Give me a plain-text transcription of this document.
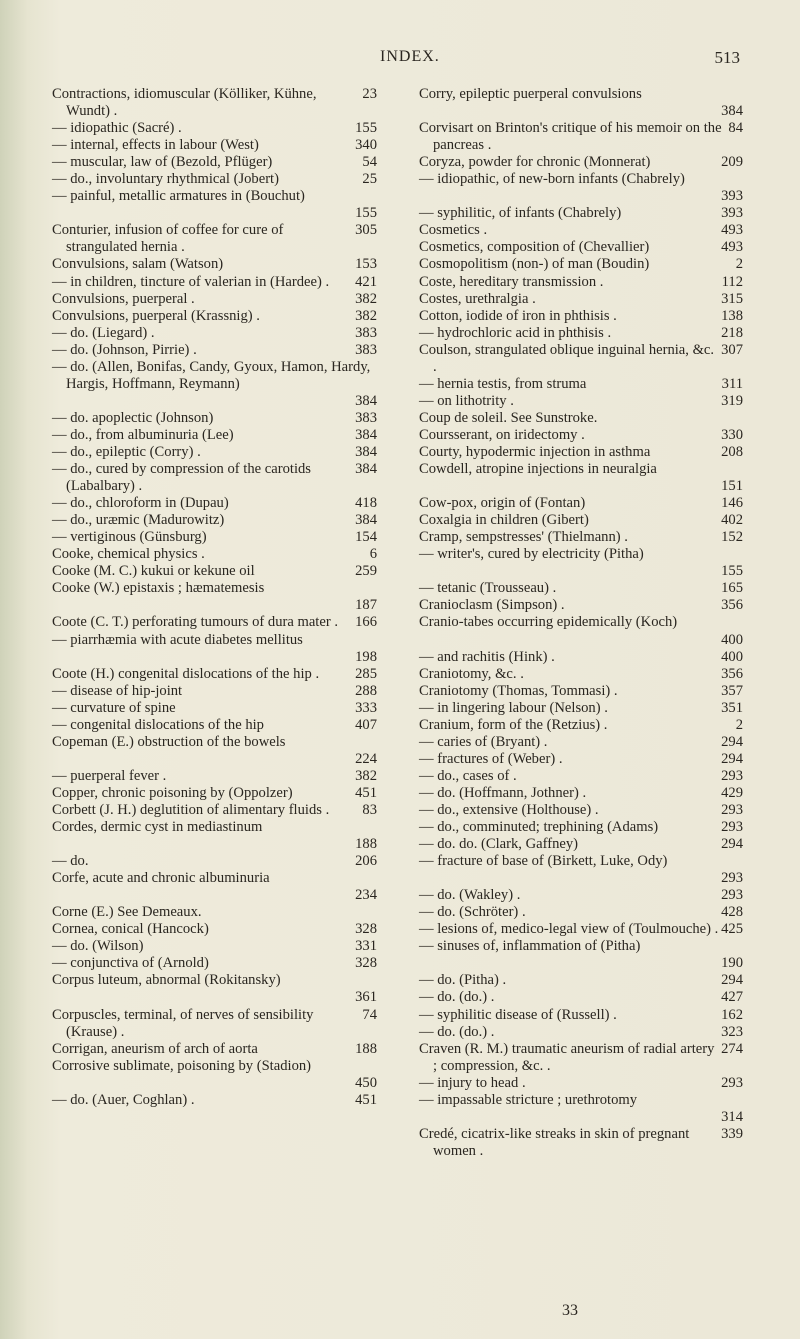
INDEX.	513

23
Contractions, idiomuscular (Kölliker, Kühne, Wundt) .

155
— idiopathic (Sacré) .

340
— internal, effects in labour (West)

54
— muscular, law of (Bezold, Pflüger)

25
— do., involuntary rhythmical (Jobert)

— painful, metallic armatures in (Bouchut)

155

305
Conturier, infusion of coffee for cure of strangulated hernia .

153
Convulsions, salam (Watson)

421
— in children, tincture of valerian in (Hardee) .

382
Convulsions, puerperal .

382
Convulsions, puerperal (Krassnig) .

383
— do. (Liegard) .

383
— do. (Johnson, Pirrie) .

— do. (Allen, Bonifas, Candy, Gyoux, Hamon, Hardy, Hargis, Hoffmann, Reymann)

384

383
— do. apoplectic (Johnson)

384
— do., from albuminuria (Lee)

384
— do., epileptic (Corry) .

384
— do., cured by compression of the carotids (Labalbary) .

418
— do., chloroform in (Dupau)

384
— do., uræmic (Madurowitz)

154
— vertiginous (Günsburg)

6
Cooke, chemical physics .

259
Cooke (M. C.) kukui or kekune oil

Cooke (W.) epistaxis ; hæmatemesis

187

166
Coote (C. T.) perforating tumours of dura mater .

— piarrhæmia with acute diabetes mellitus

198

285
Coote (H.) congenital dislocations of the hip .

288
— disease of hip-joint

333
— curvature of spine

407
— congenital dislocations of the hip

Copeman (E.) obstruction of the bowels

224

382
— puerperal fever .

451
Copper, chronic poisoning by (Oppolzer)

83
Corbett (J. H.) deglutition of alimentary fluids .

Cordes, dermic cyst in mediastinum

188

206
— do.

Corfe, acute and chronic albuminuria

234

Corne (E.) See Demeaux.

328
Cornea, conical (Hancock)

331
— do. (Wilson)

328
— conjunctiva of (Arnold)

Corpus luteum, abnormal (Rokitansky)

361

74
Corpuscles, terminal, of nerves of sensibility (Krause) .

188
Corrigan, aneurism of arch of aorta

Corrosive sublimate, poisoning by (Stadion)

450

451
— do. (Auer, Coghlan) .

Corry, epileptic puerperal convulsions

384

84
Corvisart on Brinton's critique of his memoir on the pancreas .

209
Coryza, powder for chronic (Monnerat)

— idiopathic, of new-born infants (Chabrely)

393

393
— syphilitic, of infants (Chabrely)

493
Cosmetics .

493
Cosmetics, composition of (Chevallier)

2
Cosmopolitism (non-) of man (Boudin)

112
Coste, hereditary transmission .

315
Costes, urethralgia .

138
Cotton, iodide of iron in phthisis .

218
— hydrochloric acid in phthisis .

307
Coulson, strangulated oblique inguinal hernia, &c. .

311
— hernia testis, from struma

319
— on lithotrity .

Coup de soleil. See Sunstroke.

330
Coursserant, on iridectomy .

208
Courty, hypodermic injection in asthma

Cowdell, atropine injections in neuralgia

151

146
Cow-pox, origin of (Fontan)

402
Coxalgia in children (Gibert)

152
Cramp, sempstresses' (Thielmann) .

— writer's, cured by electricity (Pitha)

155

165
— tetanic (Trousseau) .

356
Cranioclasm (Simpson) .

Cranio-tabes occurring epidemically (Koch)

400

400
— and rachitis (Hink) .

356
Craniotomy, &c. .

357
Craniotomy (Thomas, Tommasi) .

351
— in lingering labour (Nelson) .

2
Cranium, form of the (Retzius) .

294
— caries of (Bryant) .

294
— fractures of (Weber) .

293
— do., cases of .

429
— do. (Hoffmann, Jothner) .

293
— do., extensive (Holthouse) .

293
— do., comminuted; trephining (Adams)

294
— do. do. (Clark, Gaffney)

— fracture of base of (Birkett, Luke, Ody)

293

293
— do. (Wakley) .

428
— do. (Schröter) .

425
— lesions of, medico-legal view of (Toulmouche) .

— sinuses of, inflammation of (Pitha)

190

294
— do. (Pitha) .

427
— do. (do.) .

162
— syphilitic disease of (Russell) .

323
— do. (do.) .

274
Craven (R. M.) traumatic aneurism of radial artery ; compression, &c. .

293
— injury to head .

— impassable stricture ; urethrotomy

314

339
Credé, cicatrix-like streaks in skin of pregnant women .

33
